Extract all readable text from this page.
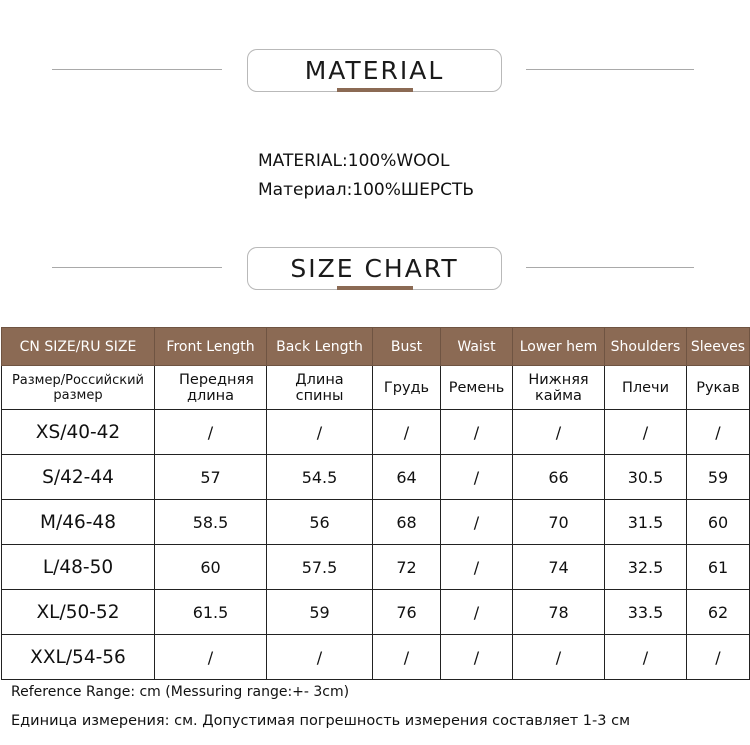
MATERIAL
MATERIAL:100%WOOL
Материал:100%ШЕРСТЬ
SIZE CHART
CN SIZE/RU SIZE	Front Length	Back Length	Bust	Waist	Lower hem	Shoulders	Sleeves
Размер/Российский размер	Передняя длина	Длина спины	Грудь	Ремень	Нижняя кайма	Плечи	Рукав
XS/40-42	/	/	/	/	/	/	/
S/42-44	57	54.5	64	/	66	30.5	59
M/46-48	58.5	56	68	/	70	31.5	60
L/48-50	60	57.5	72	/	74	32.5	61
XL/50-52	61.5	59	76	/	78	33.5	62
XXL/54-56	/	/	/	/	/	/	/
Reference Range: cm (Messuring range:+- 3cm)
Единица измерения: см. Допустимая погрешность измерения составляет 1-3 см
